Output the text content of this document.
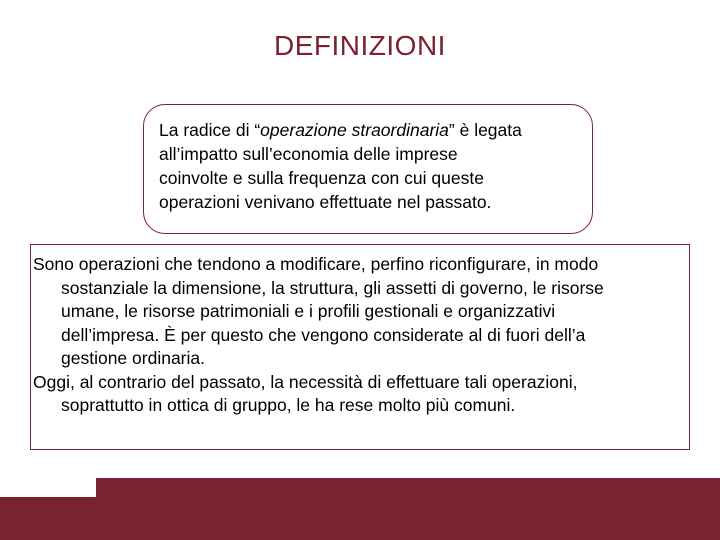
DEFINIZIONI
La radice di “operazione straordinaria” è legata
all’impatto sull’economia delle imprese
coinvolte e sulla frequenza con cui queste
operazioni venivano effettuate nel passato.
Sono operazioni che tendono a modificare, perfino riconfigurare, in modo
sostanziale la dimensione, la struttura, gli assetti di governo, le risorse
umane, le risorse patrimoniali e i profili gestionali e organizzativi
dell’impresa. È per questo che vengono considerate al di fuori dell’a
gestione ordinaria.
Oggi, al contrario del passato, la necessità di effettuare tali operazioni,
soprattutto in ottica di gruppo, le ha rese molto più comuni.
